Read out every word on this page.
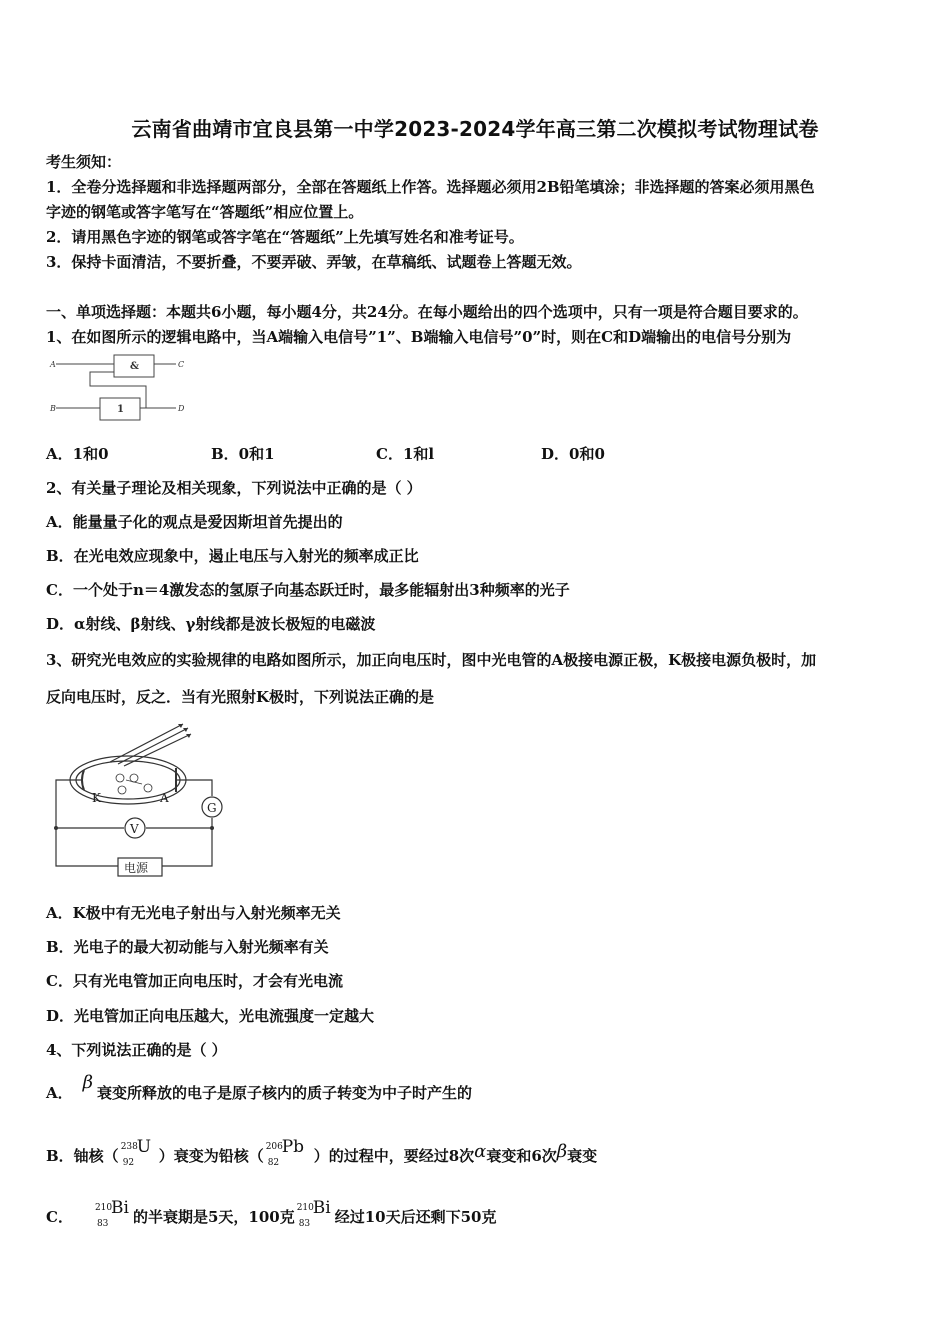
云南省曲靖市宜良县第一中学2023-2024学年高三第二次模拟考试物理试卷
考生须知：
1．全卷分选择题和非选择题两部分，全部在答题纸上作答。选择题必须用2B铅笔填涂；非选择题的答案必须用黑色
字迹的钢笔或答字笔写在“答题纸”相应位置上。
2．请用黑色字迹的钢笔或答字笔在“答题纸”上先填写姓名和准考证号。
3．保持卡面清洁，不要折叠，不要弄破、弄皱，在草稿纸、试题卷上答题无效。
一、单项选择题：本题共6小题，每小题4分，共24分。在每小题给出的四个选项中，只有一项是符合题目要求的。
1、在如图所示的逻辑电路中，当A端输入电信号”1”、B端输入电信号”0”时，则在C和D端输出的电信号分别为
A
B
C
D
&
1
A．1和0	B．0和1	C．1和l	D．0和0
2、有关量子理论及相关现象，下列说法中正确的是（ ）
A．能量量子化的观点是爱因斯坦首先提出的
B．在光电效应现象中，遏止电压与入射光的频率成正比
C．一个处于n＝4激发态的氢原子向基态跃迁时，最多能辐射出3种频率的光子
D．α射线、β射线、γ射线都是波长极短的电磁波
3、研究光电效应的实验规律的电路如图所示，加正向电压时，图中光电管的A极接电源正极，K极接电源负极时，加
反向电压时，反之．当有光照射K极时，下列说法正确的是
K	A
G
V
电源
A．K极中有无光电子射出与入射光频率无关
B．光电子的最大初动能与入射光频率有关
C．只有光电管加正向电压时，才会有光电流
D．光电管加正向电压越大，光电流强度一定越大
4、下列说法正确的是（ ）
A． β 衰变所释放的电子是原子核内的质子转变为中子时产生的
B．铀核（ 238
92
U ）衰变为铅核（ 206
82
Pb ）的过程中，要经过8次α衰变和6次β衰变
C． 210
83
Bi 的半衰期是5天，100克 210
83
Bi 经过10天后还剩下50克
